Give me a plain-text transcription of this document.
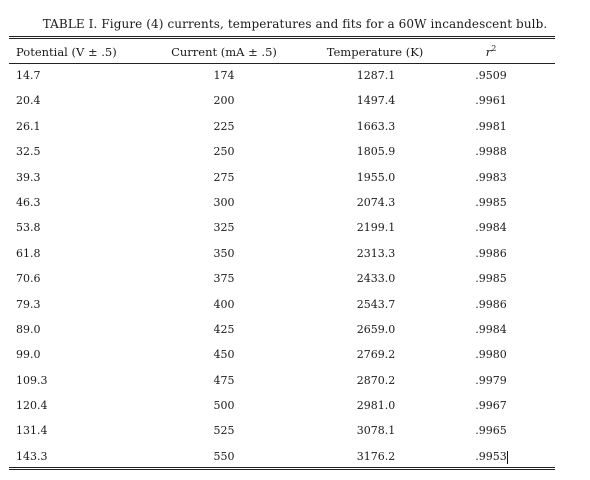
TABLE I. Figure (4) currents, temperatures and fits for a 60W incandescent bulb.
Potential (V ± .5)	Current (mA ± .5)	Temperature (K)	$r^2$
14.7	174	1287.1	.9509
20.4	200	1497.4	.9961
26.1	225	1663.3	.9981
32.5	250	1805.9	.9988
39.3	275	1955.0	.9983
46.3	300	2074.3	.9985
53.8	325	2199.1	.9984
61.8	350	2313.3	.9986
70.6	375	2433.0	.9985
79.3	400	2543.7	.9986
89.0	425	2659.0	.9984
99.0	450	2769.2	.9980
109.3	475	2870.2	.9979
120.4	500	2981.0	.9967
131.4	525	3078.1	.9965
143.3	550	3176.2	.9953
